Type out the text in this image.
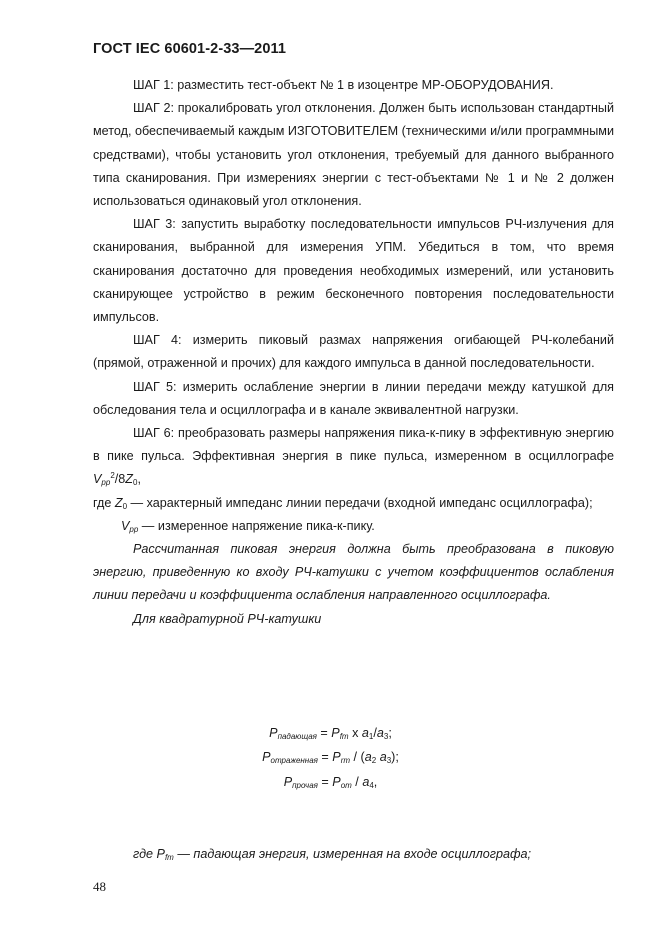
ГОСТ IEC 60601-2-33—2011

ШАГ 1: разместить тест-объект № 1 в изоцентре МР-ОБОРУДОВАНИЯ.

ШАГ 2: прокалибровать угол отклонения. Должен быть использован стандартный метод, обеспечиваемый каждым ИЗГОТОВИТЕЛЕМ (техническими и/или программными средствами), чтобы установить угол отклонения, требуемый для данного выбранного типа сканирования. При измерениях энергии с тест-объектами № 1 и № 2 должен использоваться одинаковый угол отклонения.

ШАГ 3: запустить выработку последовательности импульсов РЧ-излучения для сканирования, выбранной для измерения УПМ. Убедиться в том, что время сканирования достаточно для проведения необходимых измерений, или установить сканирующее устройство в режим бесконечного повторения последовательности импульсов.

ШАГ 4: измерить пиковый размах напряжения огибающей РЧ-колебаний (прямой, отраженной и прочих) для каждого импульса в данной последовательности.

ШАГ 5: измерить ослабление энергии в линии передачи между катушкой для обследования тела и осциллографа и в канале эквивалентной нагрузки.

ШАГ 6: преобразовать размеры напряжения пика-к-пику в эффективную энергию в пике пульса. Эффективная энергия в пике пульса, измеренном в осциллографе $V_{pp}^2/8Z_0$,

где $Z_0$ — характерный импеданс линии передачи (входной импеданс осциллографа);

$V_{pp}$ — измеренное напряжение пика-к-пику.

Рассчитанная пиковая энергия должна быть преобразована в пиковую энергию, приведенную ко входу РЧ-катушки с учетом коэффициентов ослабления линии передачи и коэффициента ослабления направленного осциллографа.

Для квадратурной РЧ-катушки

$P_{падающая} = P_{fm}$ x $a_1/a_3$;
$P_{отраженная} = P_{rm} / (a_2$ $a_3$);
$P_{прочая} = P_{om} / a_4$,

где $P_{fm}$ — падающая энергия, измеренная на входе осциллографа;

48
